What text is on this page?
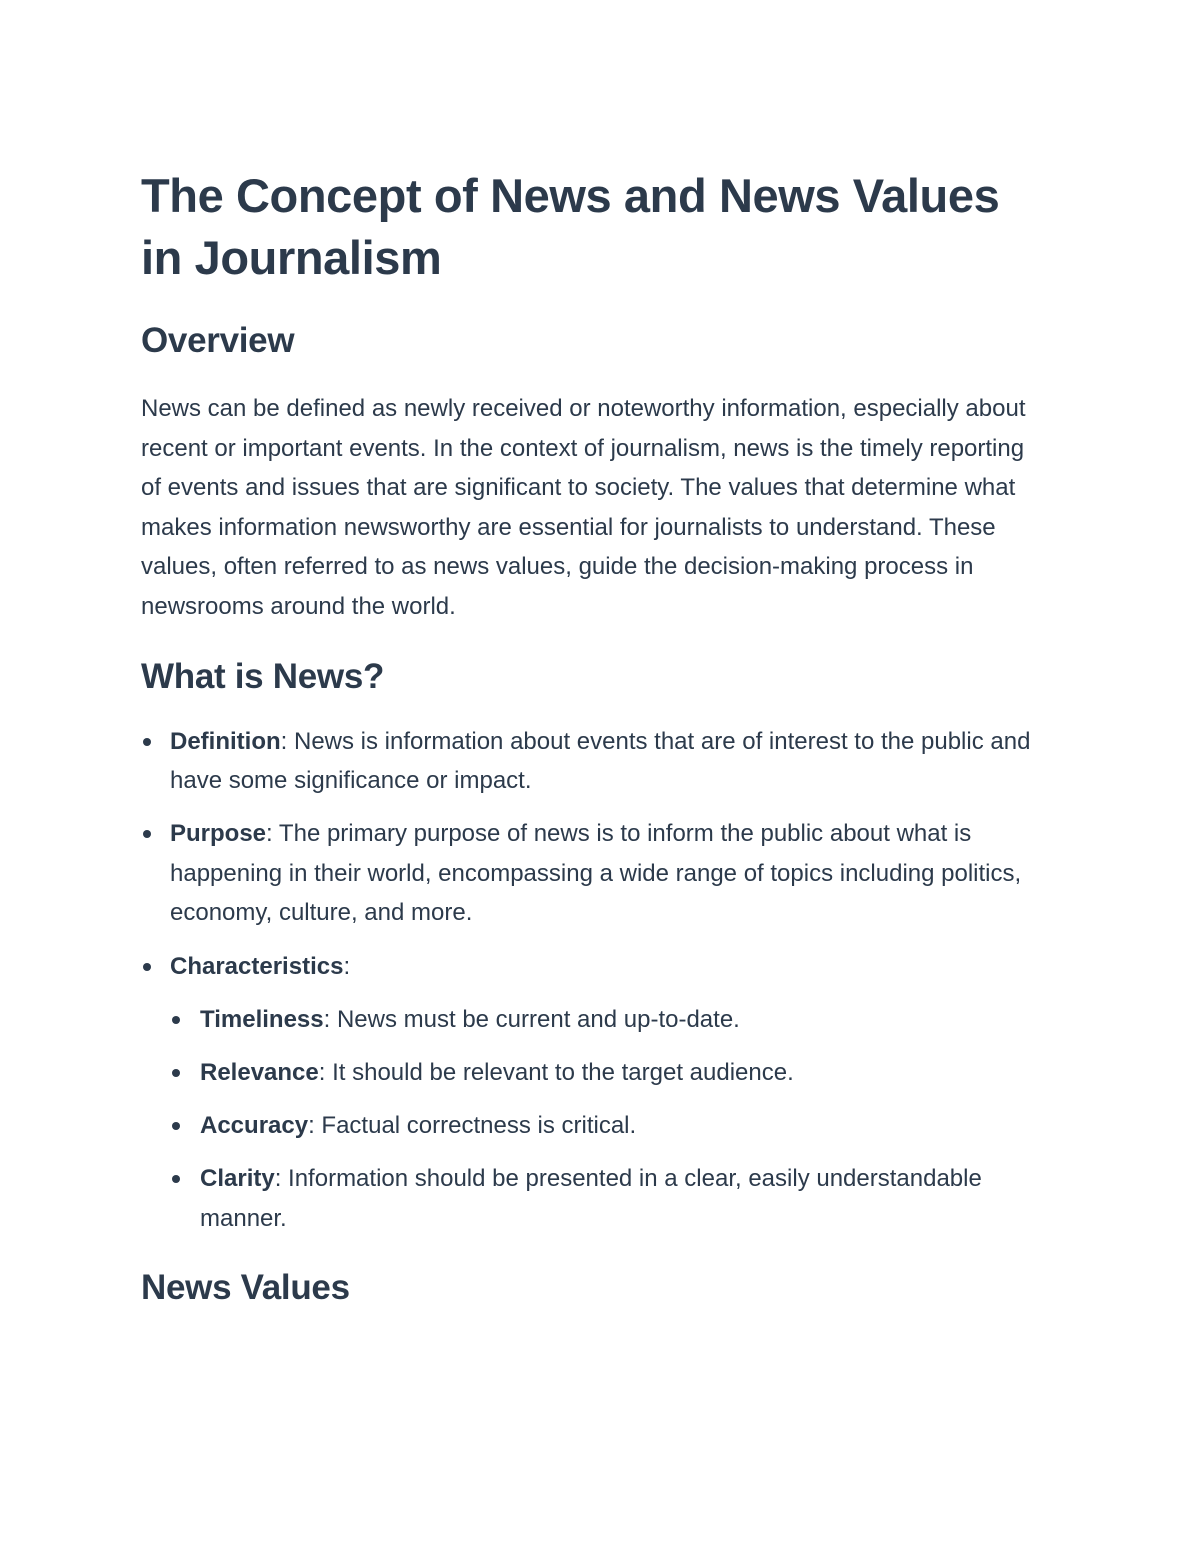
The Concept of News and News Values in Journalism
Overview

News can be defined as newly received or noteworthy information, especially about recent or important events. In the context of journalism, news is the timely reporting of events and issues that are significant to society. The values that determine what makes information newsworthy are essential for journalists to understand. These values, often referred to as news values, guide the decision-making process in newsrooms around the world.

What is News?
Definition: News is information about events that are of interest to the public and have some significance or impact.
Purpose: The primary purpose of news is to inform the public about what is happening in their world, encompassing a wide range of topics including politics, economy, culture, and more.
Characteristics:
Timeliness: News must be current and up-to-date.
Relevance: It should be relevant to the target audience.
Accuracy: Factual correctness is critical.
Clarity: Information should be presented in a clear, easily understandable manner.
News Values
